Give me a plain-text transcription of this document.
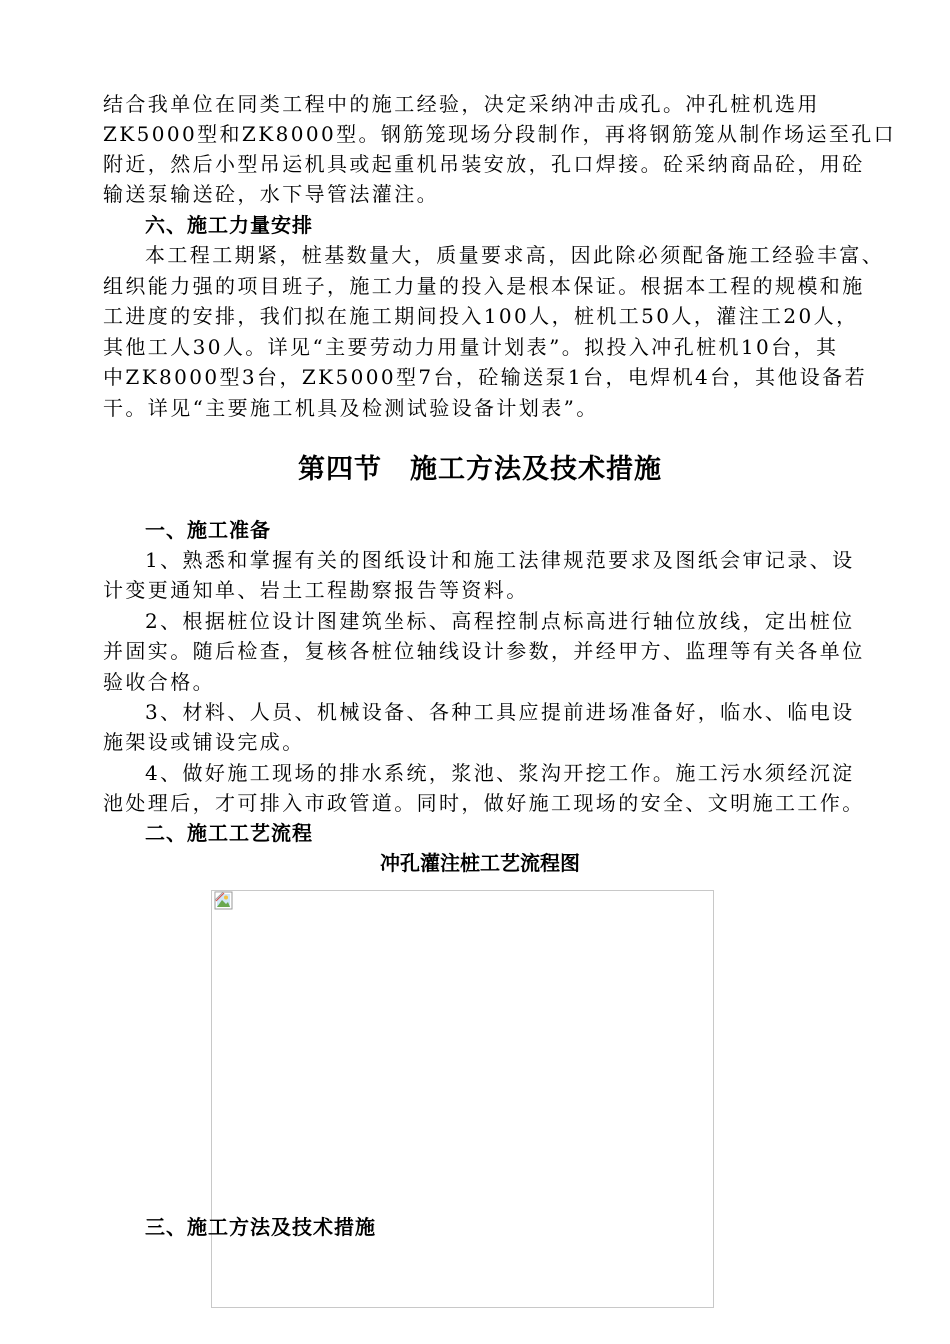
结合我单位在同类工程中的施工经验，决定采纳冲击成孔。冲孔桩机选用
ZK5000型和ZK8000型。钢筋笼现场分段制作，再将钢筋笼从制作场运至孔口
附近，然后小型吊运机具或起重机吊装安放，孔口焊接。砼采纳商品砼，用砼
输送泵输送砼，水下导管法灌注。
六、施工力量安排
本工程工期紧，桩基数量大，质量要求高，因此除必须配备施工经验丰富、
组织能力强的项目班子，施工力量的投入是根本保证。根据本工程的规模和施
工进度的安排，我们拟在施工期间投入100人，桩机工50人，灌注工20人，
其他工人30人。详见“主要劳动力用量计划表”。拟投入冲孔桩机10台，其
中ZK8000型3台，ZK5000型7台，砼输送泵1台，电焊机4台，其他设备若
干。详见“主要施工机具及检测试验设备计划表”。
第四节　施工方法及技术措施
一、施工准备
1、熟悉和掌握有关的图纸设计和施工法律规范要求及图纸会审记录、设
计变更通知单、岩土工程勘察报告等资料。
2、根据桩位设计图建筑坐标、高程控制点标高进行轴位放线，定出桩位
并固实。随后检查，复核各桩位轴线设计参数，并经甲方、监理等有关各单位
验收合格。
3、材料、人员、机械设备、各种工具应提前进场准备好，临水、临电设
施架设或铺设完成。
4、做好施工现场的排水系统，浆池、浆沟开挖工作。施工污水须经沉淀
池处理后，才可排入市政管道。同时，做好施工现场的安全、文明施工工作。
二、施工工艺流程
冲孔灌注桩工艺流程图
三、施工方法及技术措施
